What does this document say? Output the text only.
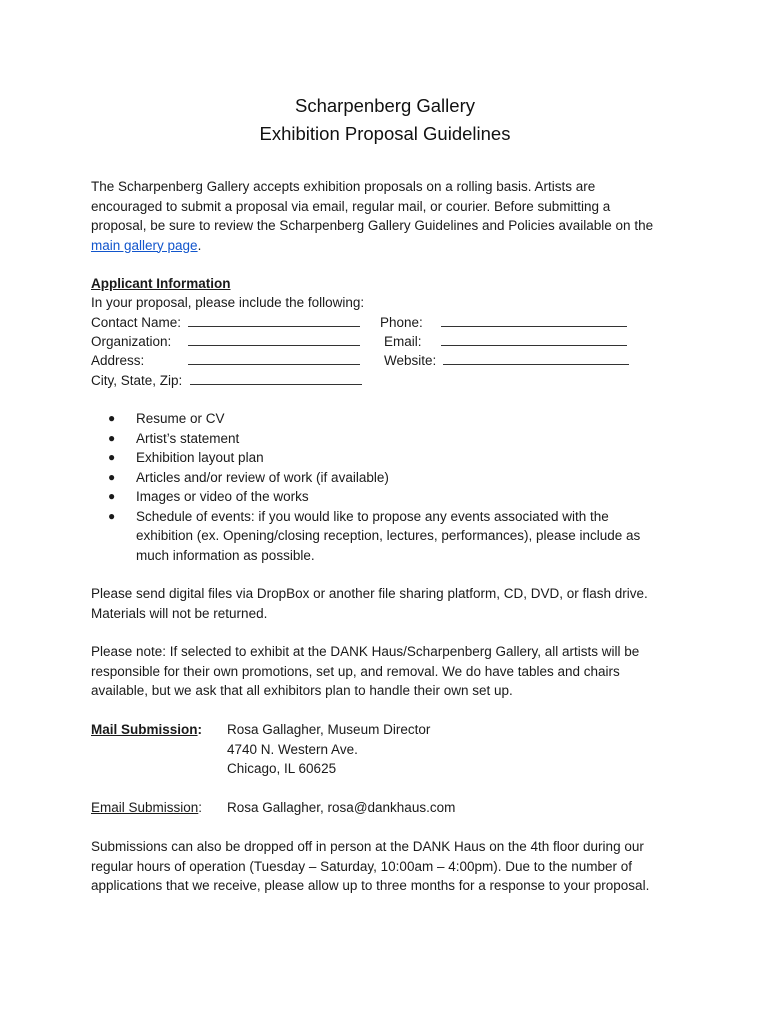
Scharpenberg Gallery
Exhibition Proposal Guidelines
The Scharpenberg Gallery accepts exhibition proposals on a rolling basis. Artists are
encouraged to submit a proposal via email, regular mail, or courier. Before submitting a
proposal, be sure to review the Scharpenberg Gallery Guidelines and Policies available on the
main gallery page.
Applicant Information
In your proposal, please include the following:
Contact Name:
Organization:
Address:
City, State, Zip:
Phone:
Email:
Website:
● Resume or CV
● Artist’s statement
● Exhibition layout plan
● Articles and/or review of work (if available)
● Images or video of the works
● Schedule of events: if you would like to propose any events associated with the
exhibition (ex. Opening/closing reception, lectures, performances), please include as
much information as possible.
Please send digital files via DropBox or another file sharing platform, CD, DVD, or flash drive.
Materials will not be returned.
Please note: If selected to exhibit at the DANK Haus/Scharpenberg Gallery, all artists will be
responsible for their own promotions, set up, and removal. We do have tables and chairs
available, but we ask that all exhibitors plan to handle their own set up.
Mail Submission: Rosa Gallagher, Museum Director
4740 N. Western Ave.
Chicago, IL 60625
Email Submission: Rosa Gallagher, rosa@dankhaus.com
Submissions can also be dropped off in person at the DANK Haus on the 4th floor during our
regular hours of operation (Tuesday – Saturday, 10:00am – 4:00pm). Due to the number of
applications that we receive, please allow up to three months for a response to your proposal.
